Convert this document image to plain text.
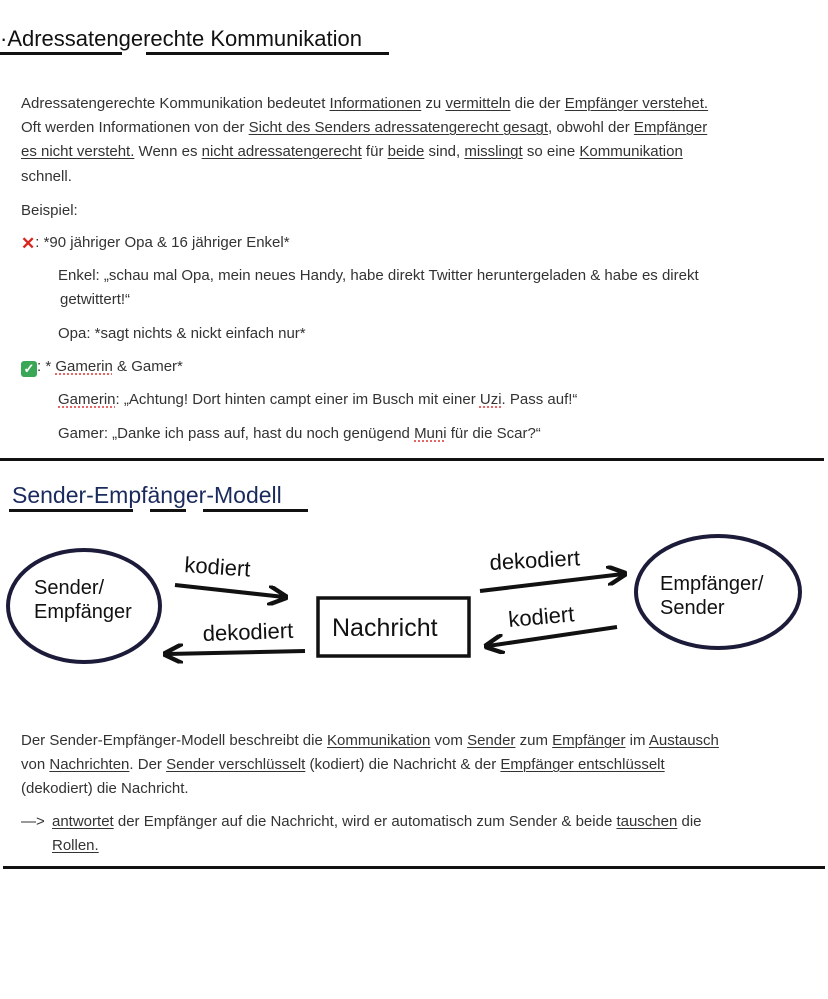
·Adressatengerechte Kommunikation
Adressatengerechte Kommunikation bedeutet Informationen zu vermitteln die der Empfänger verstehet.
Oft werden Informationen von der Sicht des Senders adressatengerecht gesagt, obwohl der Empfänger
es nicht versteht. Wenn es nicht adressatengerecht für beide sind, misslingt so eine Kommunikation
schnell.
Beispiel:
✕: *90 jähriger Opa & 16 jähriger Enkel*
Enkel: „schau mal Opa, mein neues Handy, habe direkt Twitter heruntergeladen & habe es direkt
getwittert!“
Opa: *sagt nichts & nickt einfach nur*
✓ : * Gamerin & Gamer*
Gamerin: „Achtung! Dort hinten campt einer im Busch mit einer Uzi. Pass auf!“
Gamer: „Danke ich pass auf, hast du noch genügend Muni für die Scar?“
Sender-Empfänger-Modell
Sender/
Empfänger
Nachricht
Empfänger/
Sender
kodiert
dekodiert
dekodiert
kodiert
Der Sender-Empfänger-Modell beschreibt die Kommunikation vom Sender zum Empfänger im Austausch
von Nachrichten. Der Sender verschlüsselt (kodiert) die Nachricht & der Empfänger entschlüsselt
(dekodiert) die Nachricht.
—> antwortet der Empfänger auf die Nachricht, wird er automatisch zum Sender & beide tauschen die
Rollen.
